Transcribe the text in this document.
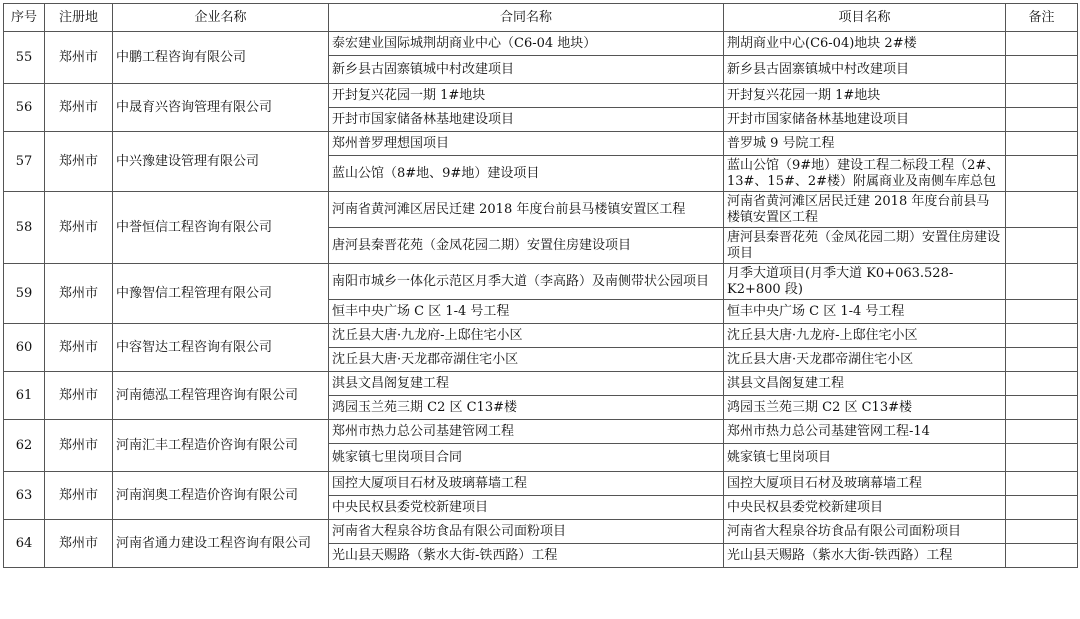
序号	注册地	企业名称	合同名称	项目名称	备注
55	郑州市	中鹏工程咨询有限公司	泰宏建业国际城荆胡商业中心（C6-04 地块）	荆胡商业中心(C6-04)地块 2#楼	
			新乡县古固寨镇城中村改建项目	新乡县古固寨镇城中村改建项目	
56	郑州市	中晟育兴咨询管理有限公司	开封复兴花园一期 1#地块	开封复兴花园一期 1#地块	
			开封市国家储备林基地建设项目	开封市国家储备林基地建设项目	
57	郑州市	中兴豫建设管理有限公司	郑州普罗理想国项目	普罗城 9 号院工程	
			蓝山公馆（8#地、9#地）建设项目	蓝山公馆（9#地）建设工程二标段工程（2#、13#、15#、2#楼）附属商业及南侧车库总包	
58	郑州市	中誉恒信工程咨询有限公司	河南省黄河滩区居民迁建 2018 年度台前县马楼镇安置区工程	河南省黄河滩区居民迁建 2018 年度台前县马楼镇安置区工程	
			唐河县秦晋花苑（金凤花园二期）安置住房建设项目	唐河县秦晋花苑（金凤花园二期）安置住房建设项目	
59	郑州市	中豫智信工程管理有限公司	南阳市城乡一体化示范区月季大道（李高路）及南侧带状公园项目	月季大道项目(月季大道 K0+063.528-K2+800 段)	
			恒丰中央广场 C 区 1-4 号工程	恒丰中央广场 C 区 1-4 号工程	
60	郑州市	中容智达工程咨询有限公司	沈丘县大唐·九龙府-上邸住宅小区	沈丘县大唐·九龙府-上邸住宅小区	
			沈丘县大唐·天龙郡帝湖住宅小区	沈丘县大唐·天龙郡帝湖住宅小区	
61	郑州市	河南德泓工程管理咨询有限公司	淇县文昌阁复建工程	淇县文昌阁复建工程	
			鸿园玉兰苑三期 C2 区 C13#楼	鸿园玉兰苑三期 C2 区 C13#楼	
62	郑州市	河南汇丰工程造价咨询有限公司	郑州市热力总公司基建管网工程	郑州市热力总公司基建管网工程-14	
			姚家镇七里岗项目合同	姚家镇七里岗项目	
63	郑州市	河南润奥工程造价咨询有限公司	国控大厦项目石材及玻璃幕墙工程	国控大厦项目石材及玻璃幕墙工程	
			中央民权县委党校新建项目	中央民权县委党校新建项目	
64	郑州市	河南省通力建设工程咨询有限公司	河南省大程泉谷坊食品有限公司面粉项目	河南省大程泉谷坊食品有限公司面粉项目	
			光山县天赐路（紫水大街-铁西路）工程	光山县天赐路（紫水大街-铁西路）工程	
